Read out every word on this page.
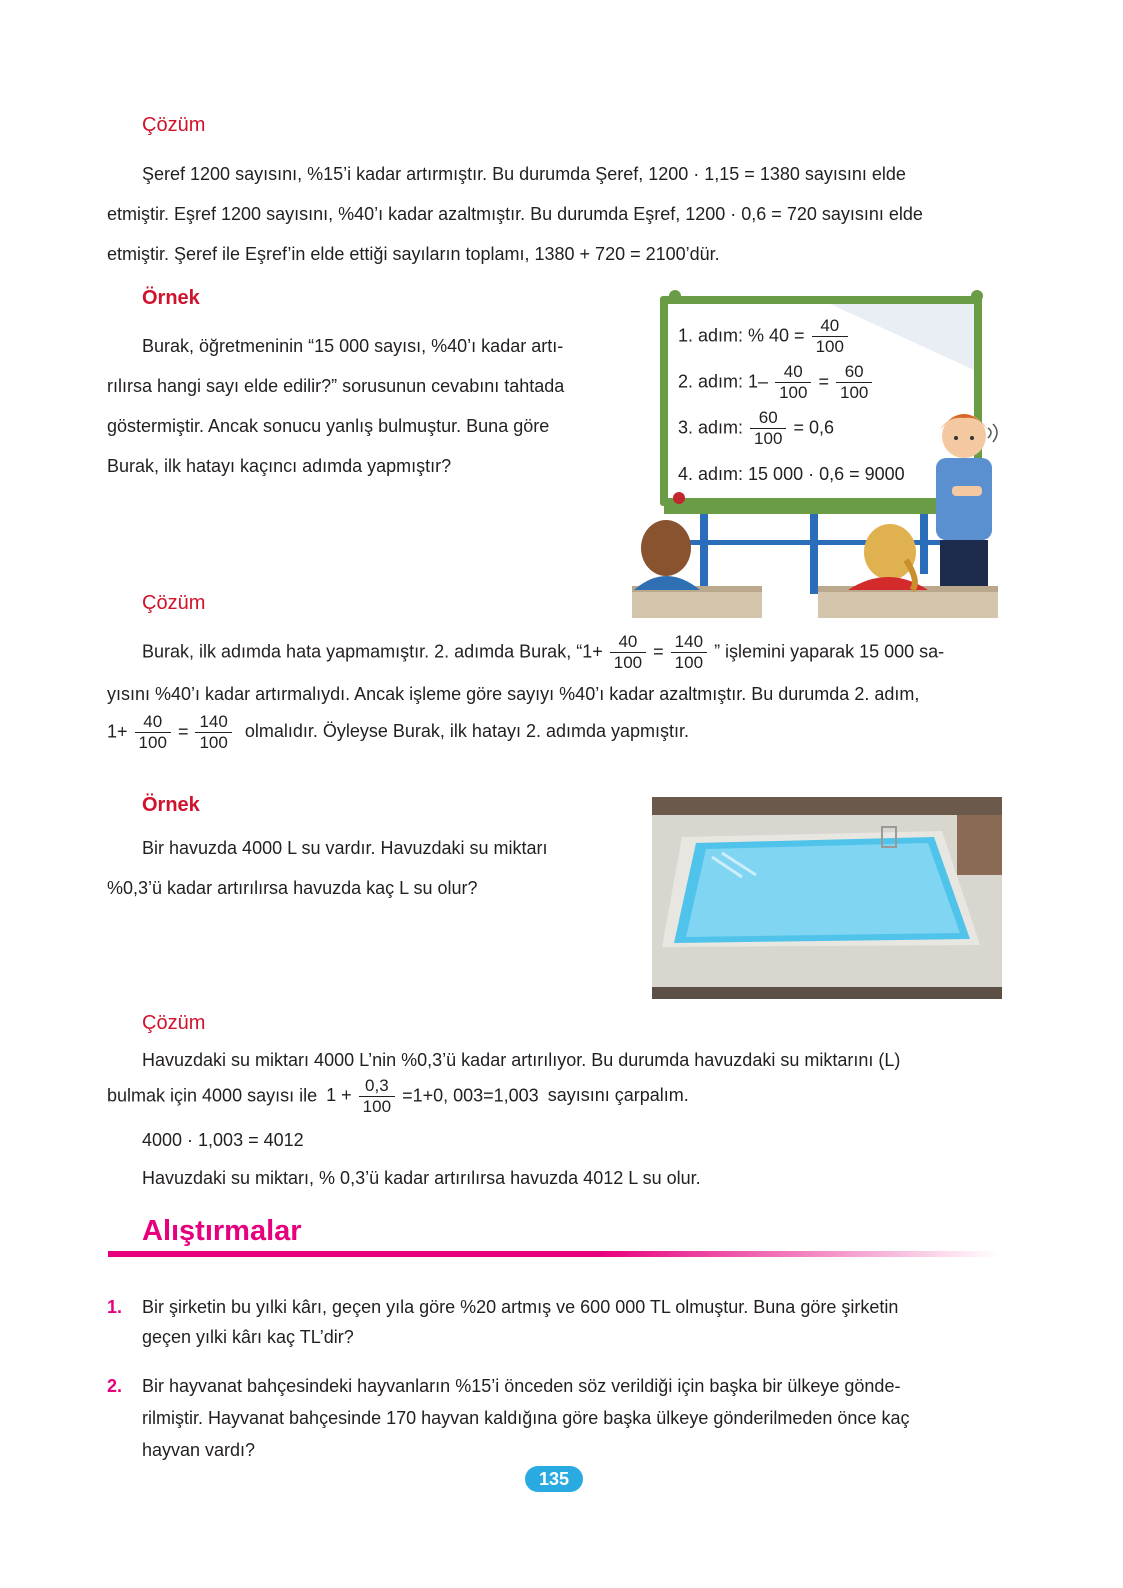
Çözüm
Şeref 1200 sayısını, %15’i kadar artırmıştır. Bu durumda Şeref, 1200 · 1,15 = 1380 sayısını elde
etmiştir. Eşref 1200 sayısını, %40’ı kadar azaltmıştır. Bu durumda Eşref, 1200 · 0,6 = 720 sayısını elde
etmiştir. Şeref ile Eşref’in elde ettiği sayıların toplamı, 1380 + 720 = 2100’dür.
Örnek
Burak, öğretmeninin “15 000 sayısı, %40’ı kadar artı-
rılırsa hangi sayı elde edilir?” sorusunun cevabını tahtada
göstermiştir. Ancak sonucu yanlış bulmuştur. Buna göre
Burak, ilk hatayı kaçıncı adımda yapmıştır?
1. adım: % $40 = \frac{40}{100}$
2. adım: $1- \frac{40}{100} = \frac{60}{100}$
3. adım: $\frac{60}{100} = 0,6$
4. adım: 15 000 · 0,6 = 9000
Çözüm
Burak, ilk adımda hata yapmamıştır. 2. adımda Burak, “$1+ \frac{40}{100} = \frac{140}{100}$ ” işlemini yaparak 15 000 sa-
yısını %40’ı kadar artırmalıydı. Ancak işleme göre sayıyı %40’ı kadar azaltmıştır. Bu durumda 2. adım,
$1+ \frac{40}{100} = \frac{140}{100}$ olmalıdır. Öyleyse Burak, ilk hatayı 2. adımda yapmıştır.
Örnek
Bir havuzda 4000 L su vardır. Havuzdaki su miktarı
%0,3’ü kadar artırılırsa havuzda kaç L su olur?
Çözüm
Havuzdaki su miktarı 4000 L’nin %0,3’ü kadar artırılıyor. Bu durumda havuzdaki su miktarını (L)
bulmak için 4000 sayısı ile $1 + \frac{0,3}{100} =1+0$, 003=1,003 sayısını çarpalım.
4000 · 1,003 = 4012
Havuzdaki su miktarı, % 0,3’ü kadar artırılırsa havuzda 4012 L su olur.
Alıştırmalar
1.	Bir şirketin bu yılki kârı, geçen yıla göre %20 artmış ve 600 000 TL olmuştur. Buna göre şirketin
geçen yılki kârı kaç TL’dir?
2.	Bir hayvanat bahçesindeki hayvanların %15’i önceden söz verildiği için başka bir ülkeye gönde-
rilmiştir. Hayvanat bahçesinde 170 hayvan kaldığına göre başka ülkeye gönderilmeden önce kaç
hayvan vardı?
135
